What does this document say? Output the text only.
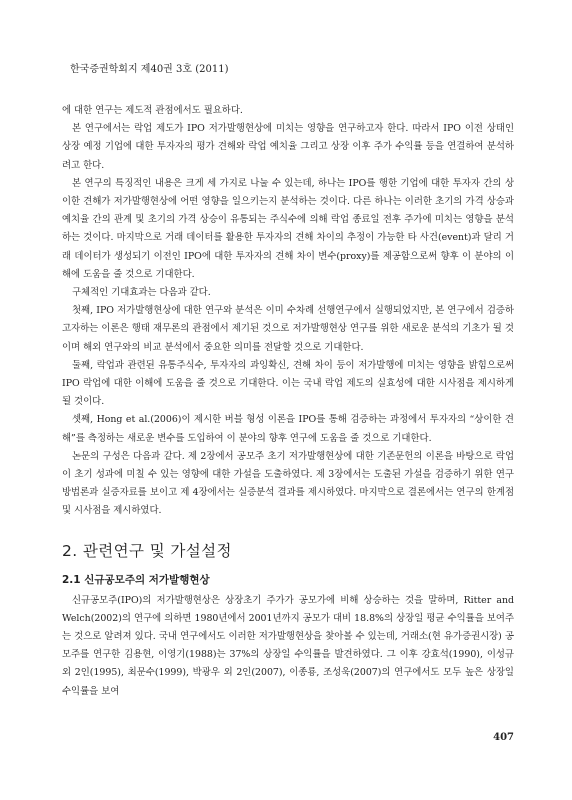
한국증권학회지 제40권 3호 (2011)

에 대한 연구는 제도적 관점에서도 필요하다.

본 연구에서는 락업 제도가 IPO 저가발행현상에 미치는 영향을 연구하고자 한다. 따라서 IPO 이전 상태인 상장 예정 기업에 대한 투자자의 평가 견해와 락업 예치율 그리고 상장 이후 주가 수익률 등을 연결하여 분석하려고 한다.

본 연구의 특징적인 내용은 크게 세 가지로 나눌 수 있는데, 하나는 IPO를 행한 기업에 대한 투자자 간의 상이한 견해가 저가발행현상에 어떤 영향을 일으키는지 분석하는 것이다. 다른 하나는 이러한 초기의 가격 상승과 예치율 간의 관계 및 초기의 가격 상승이 유통되는 주식수에 의해 락업 종료일 전후 주가에 미치는 영향을 분석하는 것이다. 마지막으로 거래 데이터를 활용한 투자자의 견해 차이의 추정이 가능한 타 사건(event)과 달리 거래 데이터가 생성되기 이전인 IPO에 대한 투자자의 견해 차이 변수(proxy)를 제공함으로써 향후 이 분야의 이해에 도움을 줄 것으로 기대한다.

구체적인 기대효과는 다음과 같다.

첫째, IPO 저가발행현상에 대한 연구와 분석은 이미 수차례 선행연구에서 실행되었지만, 본 연구에서 검증하고자하는 이론은 행태 재무론의 관점에서 제기된 것으로 저가발행현상 연구를 위한 새로운 분석의 기초가 될 것이며 해외 연구와의 비교 분석에서 중요한 의미를 전달할 것으로 기대한다.

둘째, 락업과 관련된 유통주식수, 투자자의 과잉확신, 견해 차이 등이 저가발행에 미치는 영향을 밝힘으로써 IPO 락업에 대한 이해에 도움을 줄 것으로 기대한다. 이는 국내 락업 제도의 실효성에 대한 시사점을 제시하게 될 것이다.

셋째, Hong et al.(2006)이 제시한 버블 형성 이론을 IPO를 통해 검증하는 과정에서 투자자의 “상이한 견해”를 측정하는 새로운 변수를 도입하여 이 분야의 향후 연구에 도움을 줄 것으로 기대한다.

논문의 구성은 다음과 같다. 제 2장에서 공모주 초기 저가발행현상에 대한 기존문헌의 이론을 바탕으로 락업이 초기 성과에 미칠 수 있는 영향에 대한 가설을 도출하였다. 제 3장에서는 도출된 가설을 검증하기 위한 연구방법론과 실증자료를 보이고 제 4장에서는 실증분석 결과를 제시하였다. 마지막으로 결론에서는 연구의 한계점 및 시사점을 제시하였다.

2. 관련연구 및 가설설정
2.1 신규공모주의 저가발행현상

신규공모주(IPO)의 저가발행현상은 상장초기 주가가 공모가에 비해 상승하는 것을 말하며, Ritter and Welch(2002)의 연구에 의하면 1980년에서 2001년까지 공모가 대비 18.8%의 상장일 평균 수익률을 보여주는 것으로 알려져 있다. 국내 연구에서도 이러한 저가발행현상을 찾아볼 수 있는데, 거래소(현 유가증권시장) 공모주를 연구한 김용현, 이영기(1988)는 37%의 상장일 수익률을 발견하였다. 그 이후 강효석(1990), 이성규 외 2인(1995), 최문수(1999), 박광우 외 2인(2007), 이종룡, 조성욱(2007)의 연구에서도 모두 높은 상장일 수익률을 보여

407
